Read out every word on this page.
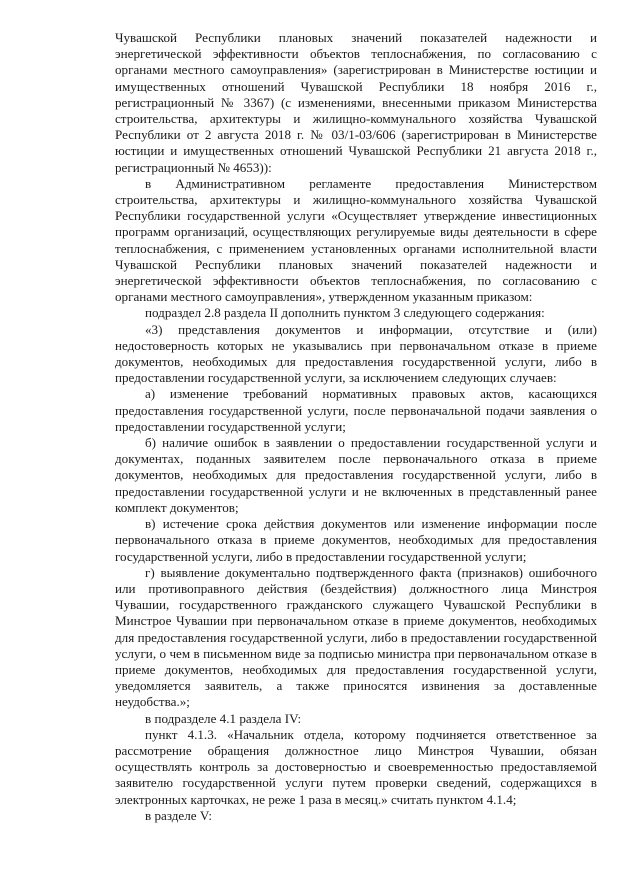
Чувашской Республики плановых значений показателей надежности и энергетической эффективности объектов теплоснабжения, по согласованию с органами местного самоуправления» (зарегистрирован в Министерстве юстиции и имущественных отношений Чувашской Республики 18 ноября 2016 г., регистрационный № 3367) (с изменениями, внесенными приказом Министерства строительства, архитектуры и жилищно-коммунального хозяйства Чувашской Республики от 2 августа 2018 г. № 03/1-03/606 (зарегистрирован в Министерстве юстиции и имущественных отношений Чувашской Республики 21 августа 2018 г., регистрационный № 4653)):

в Административном регламенте предоставления Министерством строительства, архитектуры и жилищно-коммунального хозяйства Чувашской Республики государственной услуги «Осуществляет утверждение инвестиционных программ организаций, осуществляющих регулируемые виды деятельности в сфере теплоснабжения, с применением установленных органами исполнительной власти Чувашской Республики плановых значений показателей надежности и энергетической эффективности объектов теплоснабжения, по согласованию с органами местного самоуправления», утвержденном указанным приказом:

подраздел 2.8 раздела II дополнить пунктом 3 следующего содержания:

«3) представления документов и информации, отсутствие и (или) недостоверность которых не указывались при первоначальном отказе в приеме документов, необходимых для предоставления государственной услуги, либо в предоставлении государственной услуги, за исключением следующих случаев:

а) изменение требований нормативных правовых актов, касающихся предоставления государственной услуги, после первоначальной подачи заявления о предоставлении государственной услуги;

б) наличие ошибок в заявлении о предоставлении государственной услуги и документах, поданных заявителем после первоначального отказа в приеме документов, необходимых для предоставления государственной услуги, либо в предоставлении государственной услуги и не включенных в представленный ранее комплект документов;

в) истечение срока действия документов или изменение информации после первоначального отказа в приеме документов, необходимых для предоставления государственной услуги, либо в предоставлении государственной услуги;

г) выявление документально подтвержденного факта (признаков) ошибочного или противоправного действия (бездействия) должностного лица Минстроя Чувашии, государственного гражданского служащего Чувашской Республики в Минстрое Чувашии при первоначальном отказе в приеме документов, необходимых для предоставления государственной услуги, либо в предоставлении государственной услуги, о чем в письменном виде за подписью министра при первоначальном отказе в приеме документов, необходимых для предоставления государственной услуги, уведомляется заявитель, а также приносятся извинения за доставленные неудобства.»;

в подразделе 4.1 раздела IV:

пункт 4.1.3. «Начальник отдела, которому подчиняется ответственное за рассмотрение обращения должностное лицо Минстроя Чувашии, обязан осуществлять контроль за достоверностью и своевременностью предоставляемой заявителю государственной услуги путем проверки сведений, содержащихся в электронных карточках, не реже 1 раза в месяц.» считать пунктом 4.1.4;

в разделе V:
